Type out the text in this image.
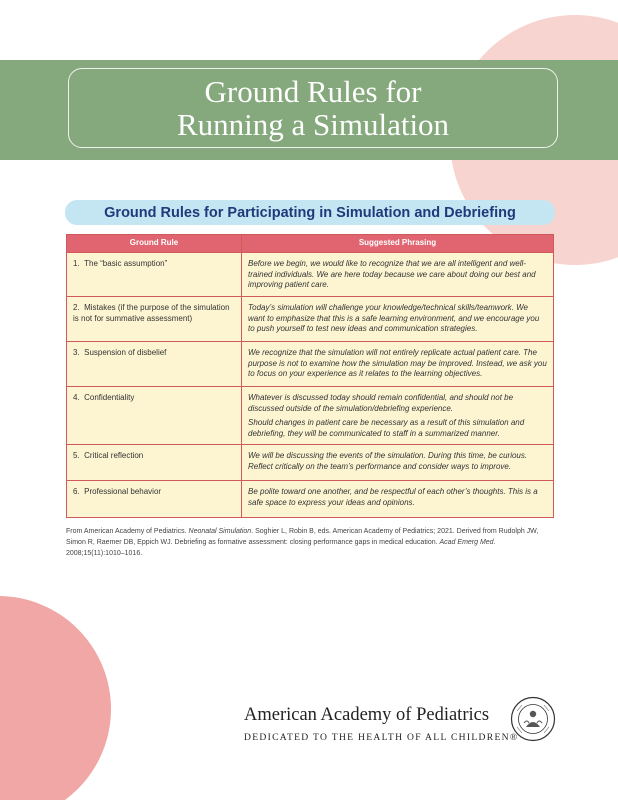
Ground Rules for
Running a Simulation
Ground Rules for Participating in Simulation and Debriefing
Ground Rule	Suggested Phrasing
1.  The “basic assumption”	Before we begin, we would like to recognize that we are all intelligent and well-trained individuals. We are here today because we care about doing our best and improving patient care.

2.  Mistakes (if the purpose of the simulation is not for summative assessment)	Today’s simulation will challenge your knowledge/technical skills/teamwork. We want to emphasize that this is a safe learning environment, and we encourage you to push yourself to test new ideas and communication strategies.

3.  Suspension of disbelief	We recognize that the simulation will not entirely replicate actual patient care. The purpose is not to examine how the simulation may be improved. Instead, we ask you to focus on your experience as it relates to the learning objectives.

4.  Confidentiality	Whatever is discussed today should remain confidential, and should not be discussed outside of the simulation/debriefing experience.

Should changes in patient care be necessary as a result of this simulation and debriefing, they will be communicated to staff in a summarized manner.

5.  Critical reflection	We will be discussing the events of the simulation. During this time, be curious. Reflect critically on the team’s performance and consider ways to improve.

6.  Professional behavior	Be polite toward one another, and be respectful of each other’s thoughts. This is a safe space to express your ideas and opinions.

From American Academy of Pediatrics. Neonatal Simulation. Soghier L, Robin B, eds. American Academy of Pediatrics; 2021. Derived from Rudolph JW, Simon R, Raemer DB, Eppich WJ. Debriefing as formative assessment: closing performance gaps in medical education. Acad Emerg Med. 2008;15(11):1010–1016.
American Academy of Pediatrics
DEDICATED TO THE HEALTH OF ALL CHILDREN®
